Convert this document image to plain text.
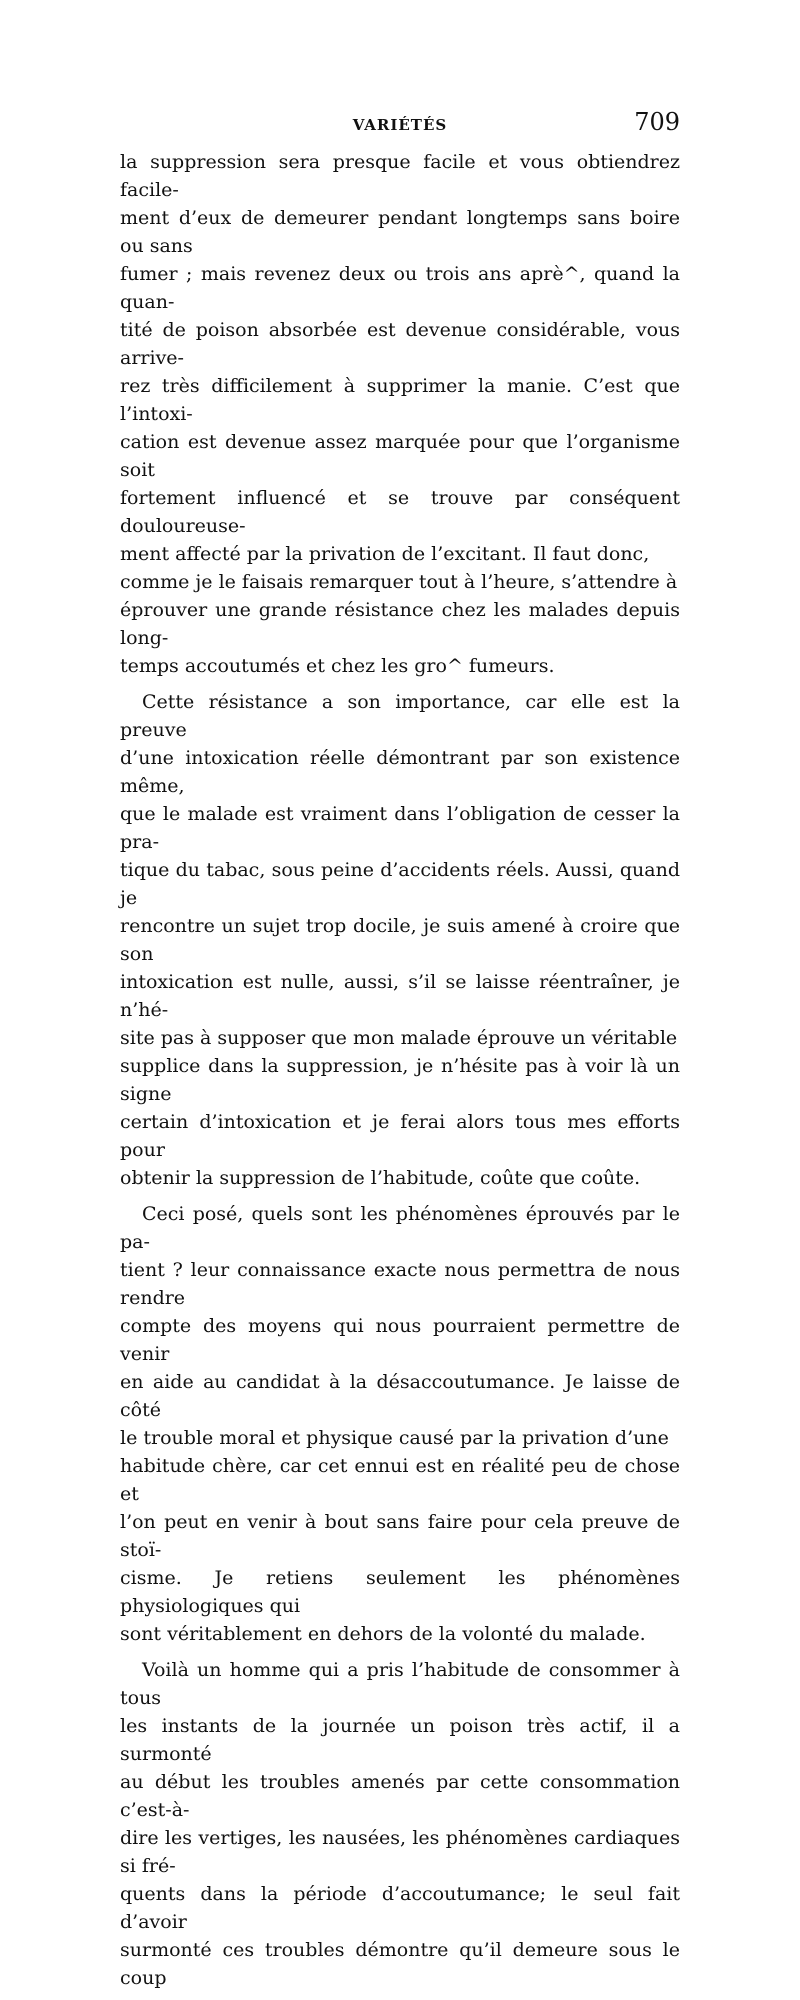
VARIÉTÉS	709

la suppression sera presque facile et vous obtiendrez facile-
ment d’eux de demeurer pendant longtemps sans boire ou sans
fumer ; mais revenez deux ou trois ans aprè^, quand la quan-
tité de poison absorbée est devenue considérable, vous arrive-
rez très difficilement à supprimer la manie. C’est que l’intoxi-
cation est devenue assez marquée pour que l’organisme soit
fortement influencé et se trouve par conséquent douloureuse-
ment affecté par la privation de l’excitant. Il faut donc,
comme je le faisais remarquer tout à l’heure, s’attendre à
éprouver une grande résistance chez les malades depuis long-
temps accoutumés et chez les gro^ fumeurs.

Cette résistance a son importance, car elle est la preuve
d’une intoxication réelle démontrant par son existence même,
que le malade est vraiment dans l’obligation de cesser la pra-
tique du tabac, sous peine d’accidents réels. Aussi, quand je
rencontre un sujet trop docile, je suis amené à croire que son
intoxication est nulle, aussi, s’il se laisse réentraîner, je n’hé-
site pas à supposer que mon malade éprouve un véritable
supplice dans la suppression, je n’hésite pas à voir là un signe
certain d’intoxication et je ferai alors tous mes efforts pour
obtenir la suppression de l’habitude, coûte que coûte.

Ceci posé, quels sont les phénomènes éprouvés par le pa-
tient ? leur connaissance exacte nous permettra de nous rendre
compte des moyens qui nous pourraient permettre de venir
en aide au candidat à la désaccoutumance. Je laisse de côté
le trouble moral et physique causé par la privation d’une
habitude chère, car cet ennui est en réalité peu de chose et
l’on peut en venir à bout sans faire pour cela preuve de stoï-
cisme. Je retiens seulement les phénomènes physiologiques qui
sont véritablement en dehors de la volonté du malade.

Voilà un homme qui a pris l’habitude de consommer à tous
les instants de la journée un poison très actif, il a surmonté
au début les troubles amenés par cette consommation c’est-à-
dire les vertiges, les nausées, les phénomènes cardiaques si fré-
quents dans la période d’accoutumance; le seul fait d’avoir
surmonté ces troubles démontre qu’il demeure sous le coup
